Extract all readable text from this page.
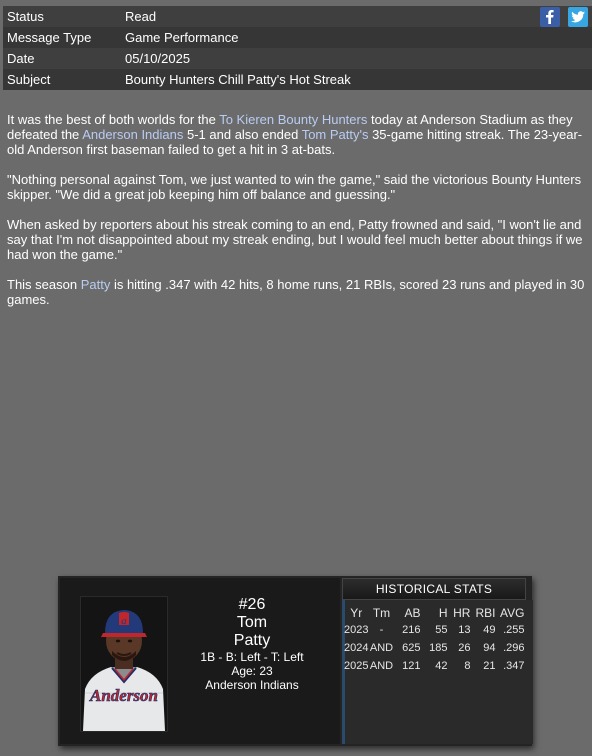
Status	Read
Message Type	Game Performance
Date	05/10/2025
Subject	Bounty Hunters Chill Patty's Hot Streak

It was the best of both worlds for the To Kieren Bounty Hunters today at Anderson Stadium as they defeated the Anderson Indians 5-1 and also ended Tom Patty's 35-game hitting streak. The 23-year-old Anderson first baseman failed to get a hit in 3 at-bats.

"Nothing personal against Tom, we just wanted to win the game," said the victorious Bounty Hunters skipper. "We did a great job keeping him off balance and guessing."

When asked by reporters about his streak coming to an end, Patty frowned and said, "I won't lie and say that I'm not disappointed about my streak ending, but I would feel much better about things if we had won the game."

This season Patty is hitting .347 with 42 hits, 8 home runs, 21 RBIs, scored 23 runs and played in 30 games.

a
Anderson
#26
Tom
Patty
1B - B: Left - T: Left
Age: 23
Anderson Indians
HISTORICAL STATS
Yr	Tm	AB	H	HR	RBI	AVG
2023	-	216	55	13	49	.255
2024	AND	625	185	26	94	.296
2025	AND	121	42	8	21	.347
